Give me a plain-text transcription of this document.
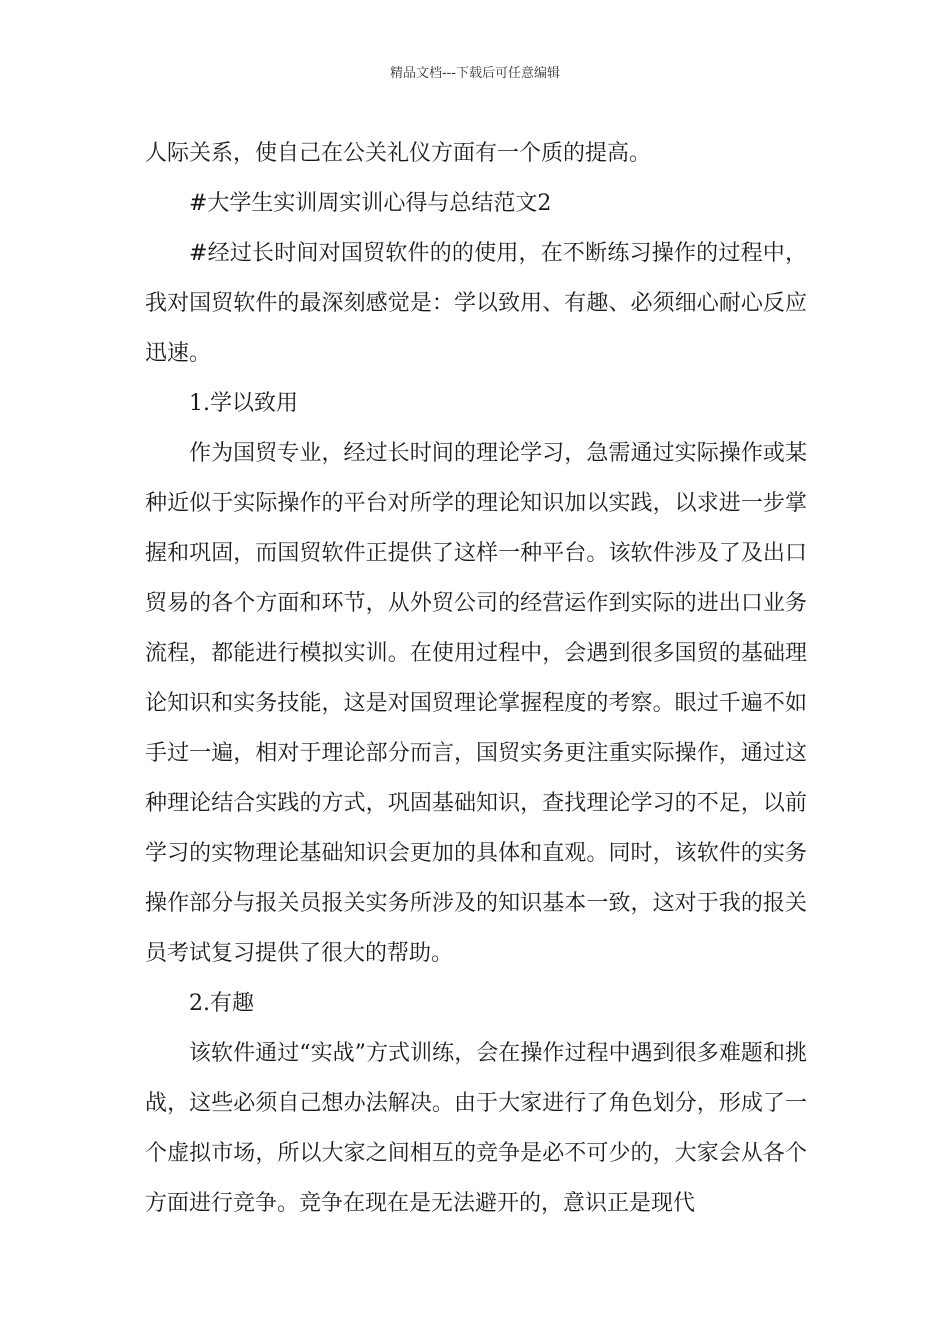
精品文档---下载后可任意编辑

人际关系，使自己在公关礼仪方面有一个质的提高。

#大学生实训周实训心得与总结范文2

#经过长时间对国贸软件的的使用，在不断练习操作的过程中，我对国贸软件的最深刻感觉是：学以致用、有趣、必须细心耐心反应迅速。

1.学以致用

作为国贸专业，经过长时间的理论学习，急需通过实际操作或某种近似于实际操作的平台对所学的理论知识加以实践，以求进一步掌握和巩固，而国贸软件正提供了这样一种平台。该软件涉及了及出口贸易的各个方面和环节，从外贸公司的经营运作到实际的进出口业务流程，都能进行模拟实训。在使用过程中，会遇到很多国贸的基础理论知识和实务技能，这是对国贸理论掌握程度的考察。眼过千遍不如手过一遍，相对于理论部分而言，国贸实务更注重实际操作，通过这种理论结合实践的方式，巩固基础知识，查找理论学习的不足，以前学习的实物理论基础知识会更加的具体和直观。同时，该软件的实务操作部分与报关员报关实务所涉及的知识基本一致，这对于我的报关员考试复习提供了很大的帮助。

2.有趣

该软件通过“实战”方式训练，会在操作过程中遇到很多难题和挑战，这些必须自己想办法解决。由于大家进行了角色划分，形成了一个虚拟市场，所以大家之间相互的竞争是必不可少的，大家会从各个方面进行竞争。竞争在现在是无法避开的，意识正是现代
